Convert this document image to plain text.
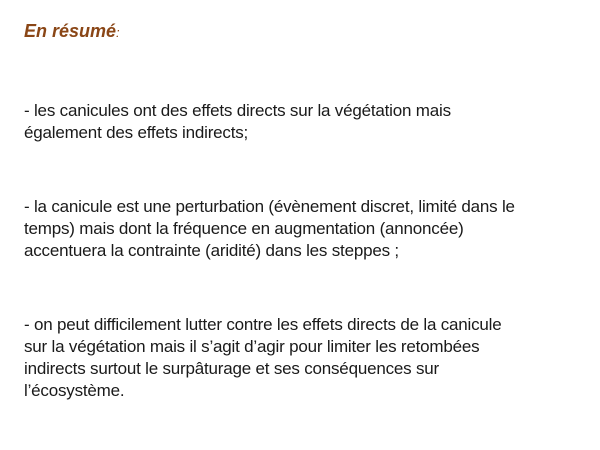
En résumé:

- les canicules ont des effets directs sur la végétation mais
également des effets indirects;

- la canicule est une perturbation (évènement discret, limité dans le
temps) mais dont la fréquence en augmentation (annoncée)
accentuera la contrainte (aridité) dans les steppes ;

- on peut difficilement lutter contre les effets directs de la canicule
sur la végétation mais il s’agit d’agir pour limiter les retombées
indirects surtout le surpâturage et ses conséquences sur
l’écosystème.
